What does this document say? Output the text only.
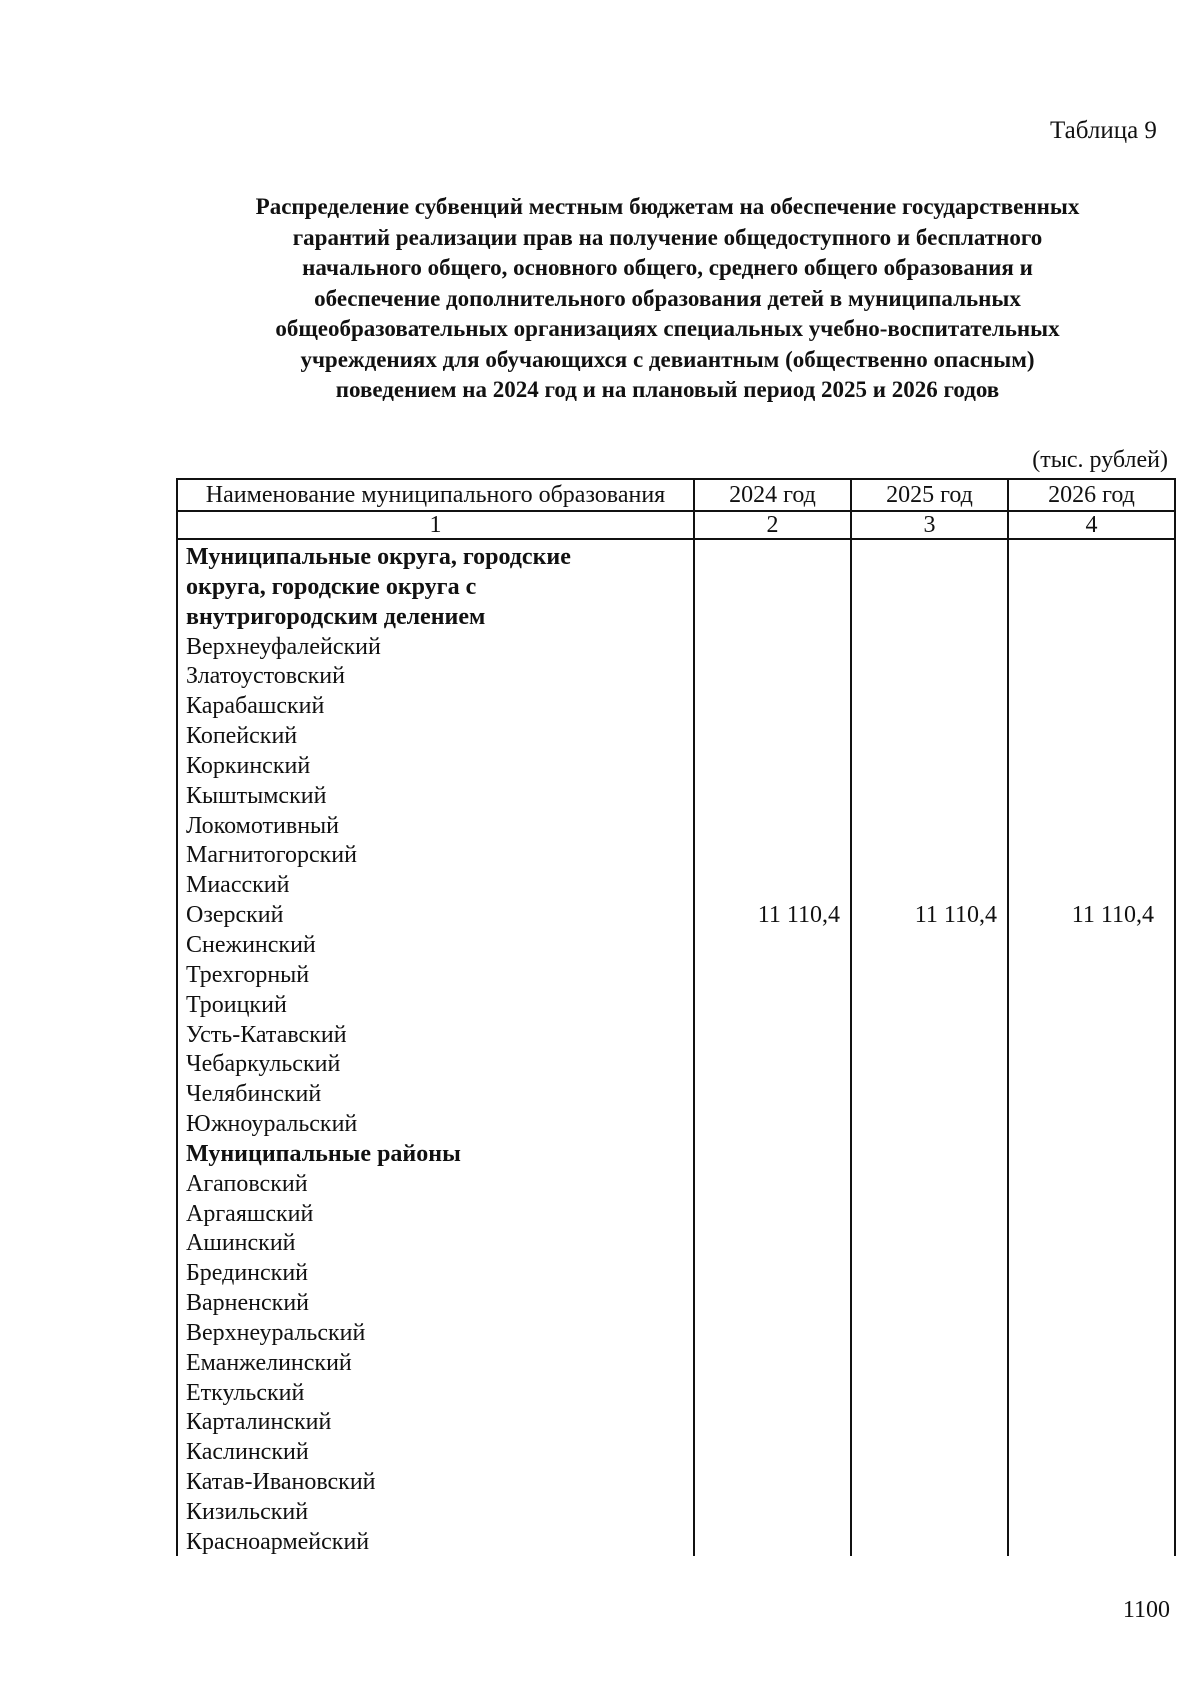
Таблица 9
Распределение субвенций местным бюджетам на обеспечение государственных
гарантий реализации прав на получение общедоступного и бесплатного
начального общего, основного общего, среднего общего образования и
обеспечение дополнительного образования детей в муниципальных
общеобразовательных организациях специальных учебно-воспитательных
учреждениях для обучающихся с девиантным (общественно опасным)
поведением на 2024 год и на плановый период 2025 и 2026 годов
(тыс. рублей)
Наименование муниципального образования	2024 год	2025 год	2026 год
1	2	3	4
Муниципальные округа, городские
округа, городские округа с
внутригородским делением
Верхнеуфалейский
Златоустовский
Карабашский
Копейский
Коркинский
Кыштымский
Локомотивный
Магнитогорский
Миасский
Озерский
Снежинский
Трехгорный
Троицкий
Усть-Катавский
Чебаркульский
Челябинский
Южноуральский
Муниципальные районы
Агаповский
Аргаяшский
Ашинский
Брединский
Варненский
Верхнеуральский
Еманжелинский
Еткульский
Карталинский
Каслинский
Катав-Ивановский
Кизильский
Красноармейский
11 110,4	11 110,4	11 110,4
1100
